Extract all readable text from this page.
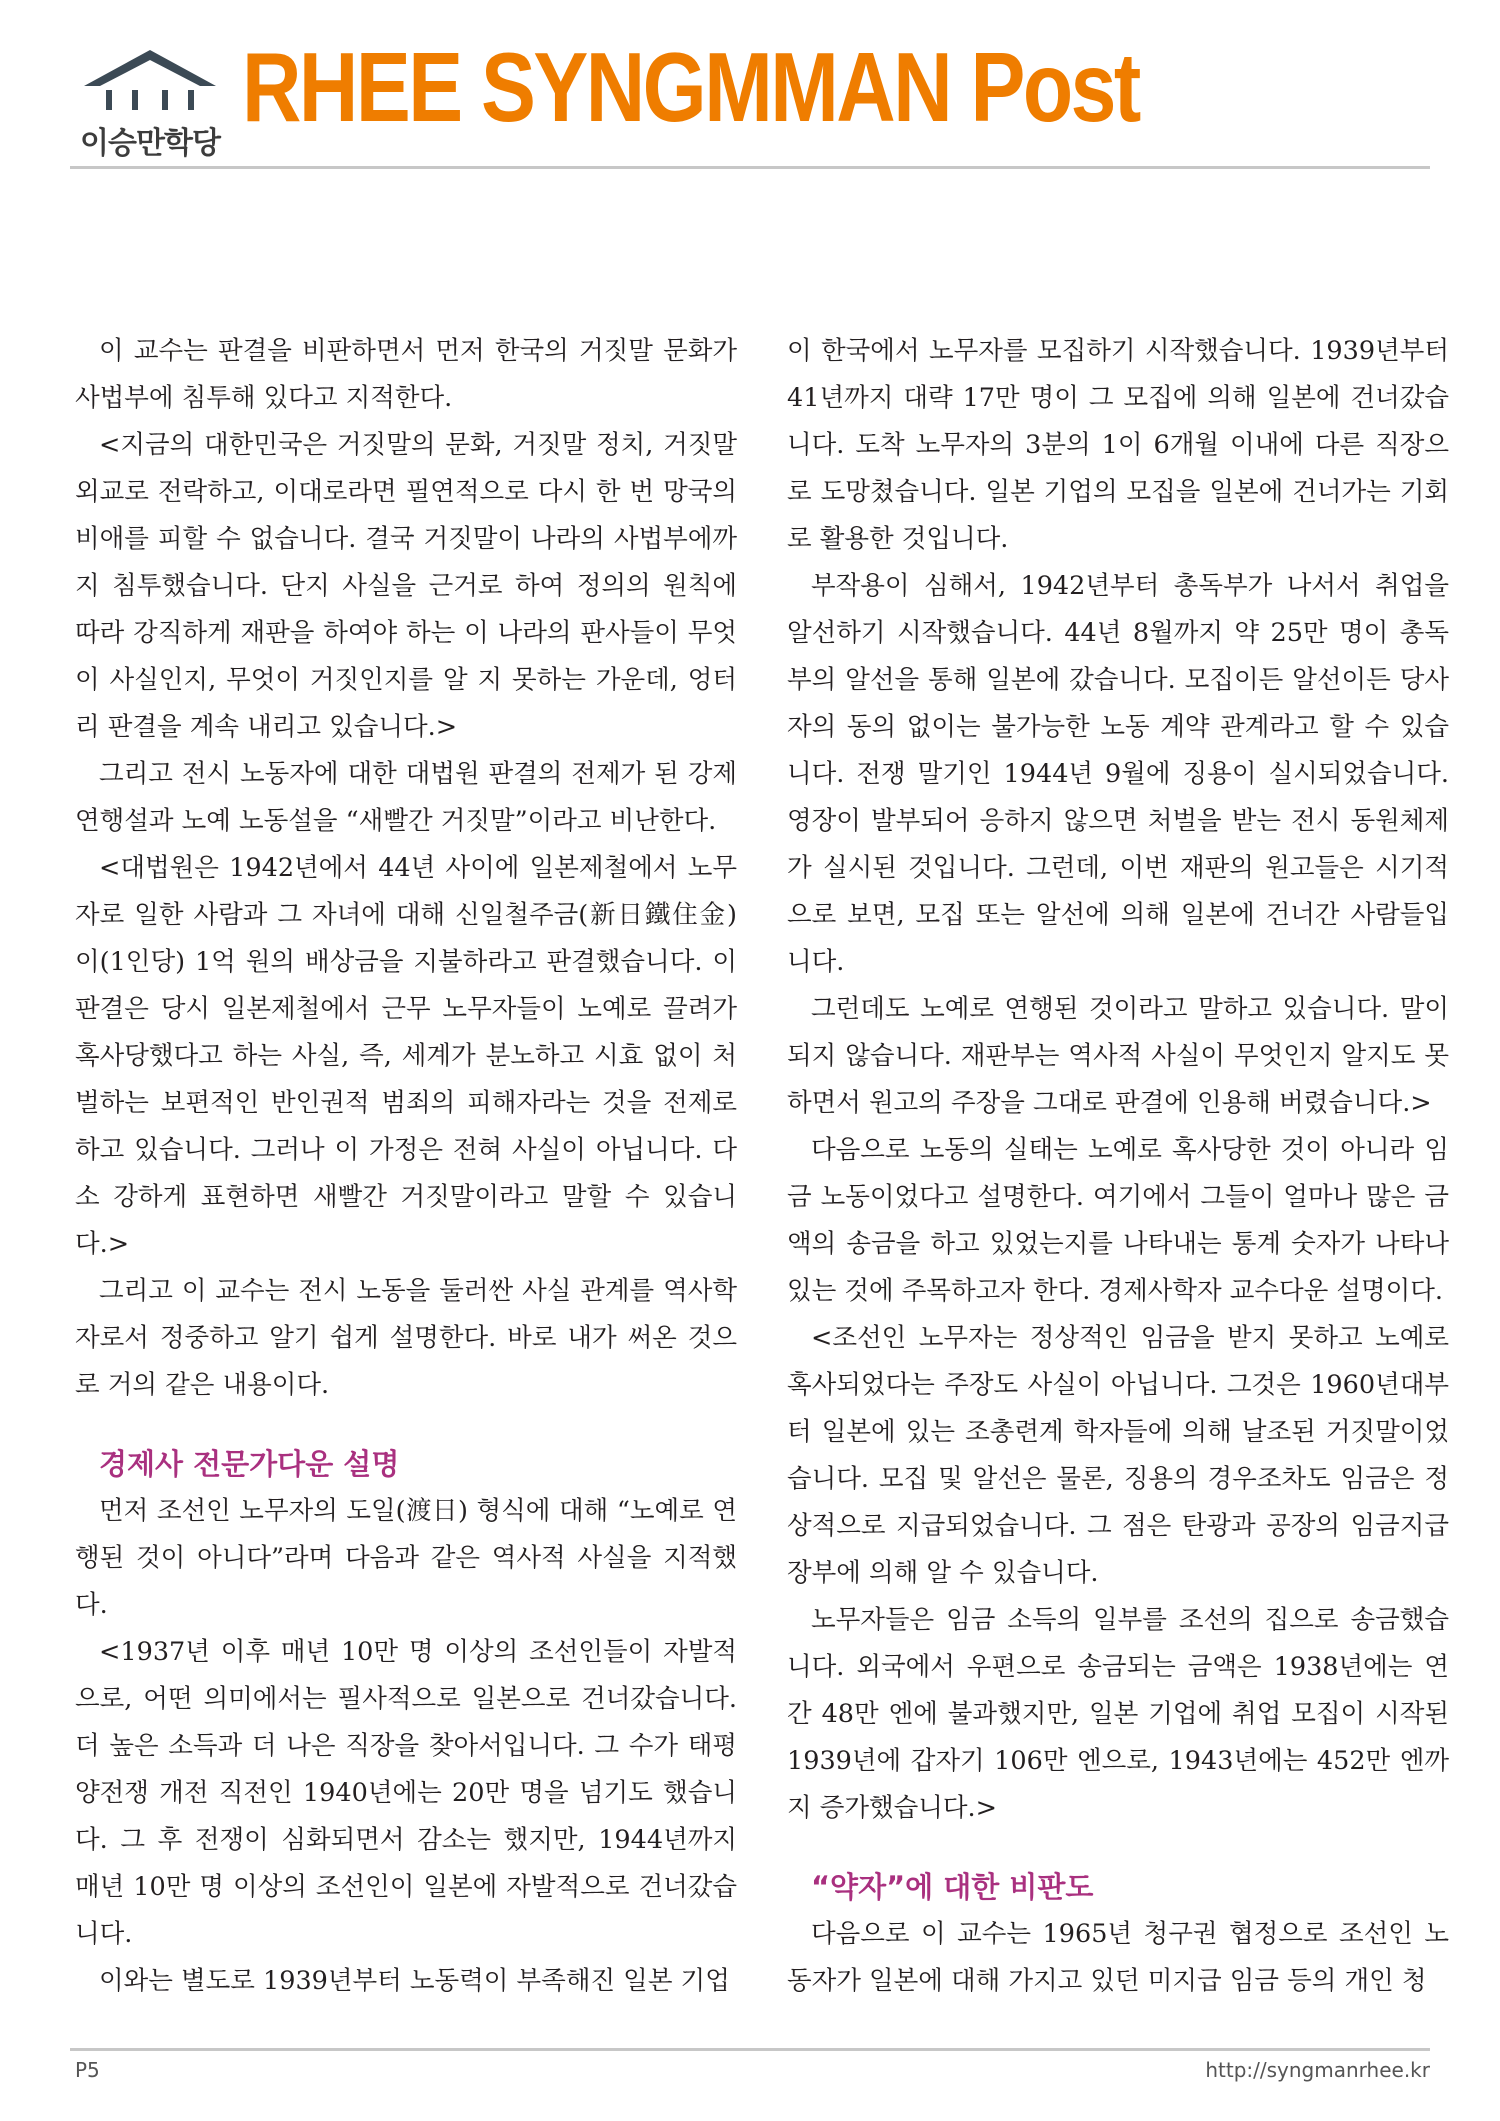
이승만학당
RHEE SYNGMMAN Post

이 교수는 판결을 비판하면서 먼저 한국의 거짓말 문화가 사법부에 침투해 있다고 지적한다.

<지금의 대한민국은 거짓말의 문화, 거짓말 정치, 거짓말 외교로 전락하고, 이대로라면 필연적으로 다시 한 번 망국의 비애를 피할 수 없습니다. 결국 거짓말이 나라의 사법부에까지 침투했습니다. 단지 사실을 근거로 하여 정의의 원칙에 따라 강직하게 재판을 하여야 하는 이 나라의 판사들이 무엇이 사실인지, 무엇이 거짓인지를 알 지 못하는 가운데, 엉터리 판결을 계속 내리고 있습니다.>

그리고 전시 노동자에 대한 대법원 판결의 전제가 된 강제연행설과 노예 노동설을 “새빨간 거짓말”이라고 비난한다.

<대법원은 1942년에서 44년 사이에 일본제철에서 노무자로 일한 사람과 그 자녀에 대해 신일철주금(新日鐵住金)이(1인당) 1억 원의 배상금을 지불하라고 판결했습니다. 이 판결은 당시 일본제철에서 근무 노무자들이 노예로 끌려가 혹사당했다고 하는 사실, 즉, 세계가 분노하고 시효 없이 처벌하는 보편적인 반인권적 범죄의 피해자라는 것을 전제로 하고 있습니다. 그러나 이 가정은 전혀 사실이 아닙니다. 다소 강하게 표현하면 새빨간 거짓말이라고 말할 수 있습니다.>

그리고 이 교수는 전시 노동을 둘러싼 사실 관계를 역사학자로서 정중하고 알기 쉽게 설명한다. 바로 내가 써온 것으로 거의 같은 내용이다.

경제사 전문가다운 설명

먼저 조선인 노무자의 도일(渡日) 형식에 대해 “노예로 연행된 것이 아니다”라며 다음과 같은 역사적 사실을 지적했다.

<1937년 이후 매년 10만 명 이상의 조선인들이 자발적으로, 어떤 의미에서는 필사적으로 일본으로 건너갔습니다. 더 높은 소득과 더 나은 직장을 찾아서입니다. 그 수가 태평양전쟁 개전 직전인 1940년에는 20만 명을 넘기도 했습니다. 그 후 전쟁이 심화되면서 감소는 했지만, 1944년까지 매년 10만 명 이상의 조선인이 일본에 자발적으로 건너갔습니다.

이와는 별도로 1939년부터 노동력이 부족해진 일본 기업

이 한국에서 노무자를 모집하기 시작했습니다. 1939년부터 41년까지 대략 17만 명이 그 모집에 의해 일본에 건너갔습니다. 도착 노무자의 3분의 1이 6개월 이내에 다른 직장으로 도망쳤습니다. 일본 기업의 모집을 일본에 건너가는 기회로 활용한 것입니다.

부작용이 심해서, 1942년부터 총독부가 나서서 취업을 알선하기 시작했습니다. 44년 8월까지 약 25만 명이 총독부의 알선을 통해 일본에 갔습니다. 모집이든 알선이든 당사자의 동의 없이는 불가능한 노동 계약 관계라고 할 수 있습니다. 전쟁 말기인 1944년 9월에 징용이 실시되었습니다. 영장이 발부되어 응하지 않으면 처벌을 받는 전시 동원체제가 실시된 것입니다. 그런데, 이번 재판의 원고들은 시기적으로 보면, 모집 또는 알선에 의해 일본에 건너간 사람들입니다.

그런데도 노예로 연행된 것이라고 말하고 있습니다. 말이 되지 않습니다. 재판부는 역사적 사실이 무엇인지 알지도 못하면서 원고의 주장을 그대로 판결에 인용해 버렸습니다.>

다음으로 노동의 실태는 노예로 혹사당한 것이 아니라 임금 노동이었다고 설명한다. 여기에서 그들이 얼마나 많은 금액의 송금을 하고 있었는지를 나타내는 통계 숫자가 나타나 있는 것에 주목하고자 한다. 경제사학자 교수다운 설명이다.

<조선인 노무자는 정상적인 임금을 받지 못하고 노예로 혹사되었다는 주장도 사실이 아닙니다. 그것은 1960년대부터 일본에 있는 조총련계 학자들에 의해 날조된 거짓말이었습니다. 모집 및 알선은 물론, 징용의 경우조차도 임금은 정상적으로 지급되었습니다. 그 점은 탄광과 공장의 임금지급 장부에 의해 알 수 있습니다.

노무자들은 임금 소득의 일부를 조선의 집으로 송금했습니다. 외국에서 우편으로 송금되는 금액은 1938년에는 연간 48만 엔에 불과했지만, 일본 기업에 취업 모집이 시작된 1939년에 갑자기 106만 엔으로, 1943년에는 452만 엔까지 증가했습니다.>

“약자”에 대한 비판도

다음으로 이 교수는 1965년 청구권 협정으로 조선인 노동자가 일본에 대해 가지고 있던 미지급 임금 등의 개인 청

P5	http://syngmanrhee.kr
